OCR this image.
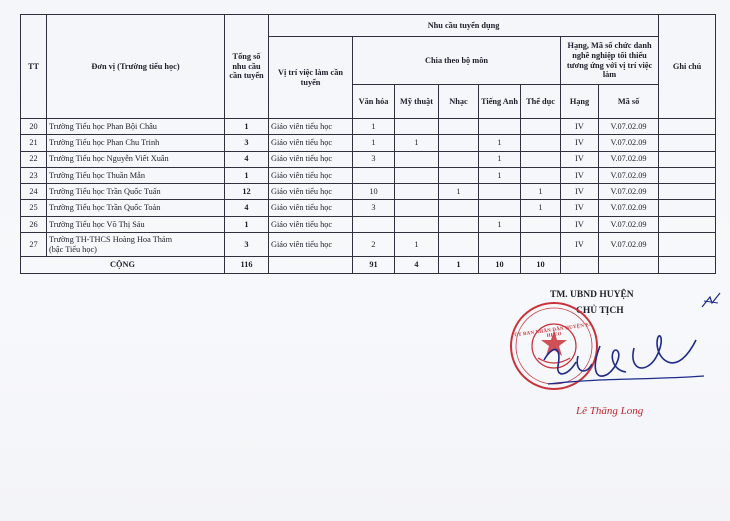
TT	Đơn vị (Trường tiểu học)	Tổng số nhu cầu cần tuyển	Nhu cầu tuyển dụng								Ghi chú
			Vị trí việc làm cần tuyển	Chia theo bộ môn					Hạng, Mã số chức danh nghề nghiệp tối thiểu tương ứng với vị trí việc làm		
				Văn hóa	Mỹ thuật	Nhạc	Tiếng Anh	Thể dục	Hạng	Mã số	
20	Trường Tiểu học Phan Bội Châu	1	Giáo viên tiểu học	1					IV	V.07.02.09	
21	Trường Tiểu học Phan Chu Trinh	3	Giáo viên tiểu học	1	1		1		IV	V.07.02.09	
22	Trường Tiểu học Nguyễn Viết Xuân	4	Giáo viên tiểu học	3			1		IV	V.07.02.09	
23	Trường Tiểu học Thuần Mẫn	1	Giáo viên tiểu học				1		IV	V.07.02.09	
24	Trường Tiểu học Trần Quốc Tuấn	12	Giáo viên tiểu học	10		1		1	IV	V.07.02.09	
25	Trường Tiểu học Trần Quốc Toản	4	Giáo viên tiểu học	3				1	IV	V.07.02.09	
26	Trường Tiểu học Võ Thị Sáu	1	Giáo viên tiểu học				1		IV	V.07.02.09	
27	Trường TH-THCS Hoàng Hoa Thám
(bậc Tiểu học)	3	Giáo viên tiểu học	2	1				IV	V.07.02.09	
CỘNG		116		91	4	1	10	10			
TM. UBND HUYỆN
CHỦ TỊCH
ỦY BAN NHÂN DÂN HUYỆN EA HLEO
Lê Thăng Long
